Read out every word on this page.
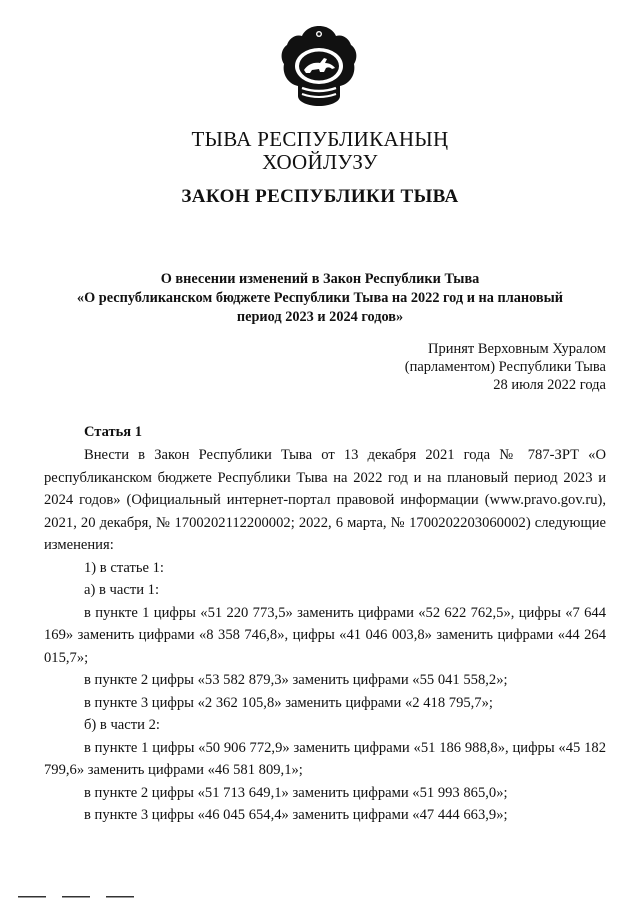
ТЫВА РЕСПУБЛИКАНЫҢ
ХООЙЛУЗУ
ЗАКОН РЕСПУБЛИКИ ТЫВА
О внесении изменений в Закон Республики Тыва
«О республиканском бюджете Республики Тыва на 2022 год и на плановый
период 2023 и 2024 годов»
Принят Верховным Хуралом
(парламентом) Республики Тыва
28 июля 2022 года
Статья 1

Внести в Закон Республики Тыва от 13 декабря 2021 года № 787-ЗРТ «О республиканском бюджете Республики Тыва на 2022 год и на плановый период 2023 и 2024 годов» (Официальный интернет-портал правовой информации (www.pravo.gov.ru), 2021, 20 декабря, № 1700202112200002; 2022, 6 марта, № 1700202203060002) следующие изменения:

1) в статье 1:

а) в части 1:

в пункте 1 цифры «51 220 773,5» заменить цифрами «52 622 762,5», цифры «7 644 169» заменить цифрами «8 358 746,8», цифры «41 046 003,8» заменить цифрами «44 264 015,7»;

в пункте 2 цифры «53 582 879,3» заменить цифрами «55 041 558,2»;

в пункте 3 цифры «2 362 105,8» заменить цифрами «2 418 795,7»;

б) в части 2:

в пункте 1 цифры «50 906 772,9» заменить цифрами «51 186 988,8», цифры «45 182 799,6» заменить цифрами «46 581 809,1»;

в пункте 2 цифры «51 713 649,1» заменить цифрами «51 993 865,0»;

в пункте 3 цифры «46 045 654,4» заменить цифрами «47 444 663,9»;
